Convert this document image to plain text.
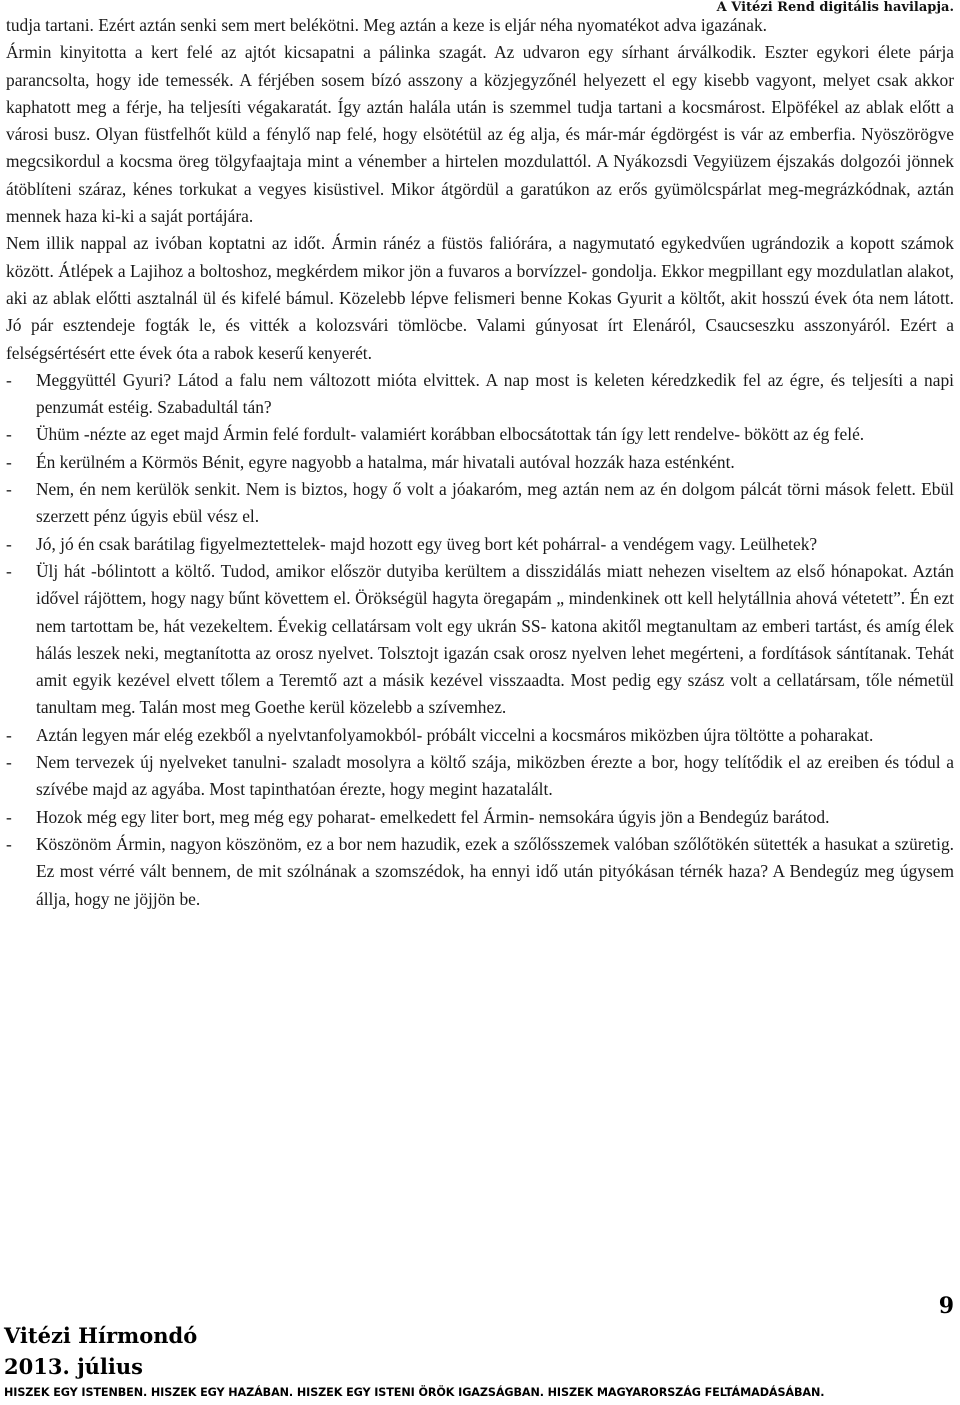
A Vitézi Rend digitális havilapja.

tudja tartani. Ezért aztán senki sem mert belékötni. Meg aztán a keze is eljár néha nyomatékot adva igazának.

Ármin kinyitotta a kert felé az ajtót kicsapatni a pálinka szagát. Az udvaron egy sírhant árválkodik. Eszter egykori élete párja parancsolta, hogy ide temessék. A férjében sosem bízó asszony a közjegyzőnél helyezett el egy kisebb vagyont, melyet csak akkor kaphatott meg a férje, ha teljesíti végakaratát. Így aztán halála után is szemmel tudja tartani a kocsmárost. Elpöfékel az ablak előtt a városi busz. Olyan füstfelhőt küld a fénylő nap felé, hogy elsötétül az ég alja, és már-már égdörgést is vár az emberfia. Nyöszörögve megcsikordul a kocsma öreg tölgyfaajtaja mint a vénember a hirtelen mozdulattól. A Nyákozsdi Vegyiüzem éjszakás dolgozói jönnek átöblíteni száraz, kénes torkukat a vegyes kisüstivel. Mikor átgördül a garatúkon az erős gyümölcspárlat meg-megrázkódnak, aztán mennek haza ki-ki a saját portájára.

Nem illik nappal az ivóban koptatni az időt. Ármin ránéz a füstös faliórára, a nagymutató egykedvűen ugrándozik a kopott számok között. Átlépek a Lajihoz a boltoshoz, megkérdem mikor jön a fuvaros a borvízzel- gondolja. Ekkor megpillant egy mozdulatlan alakot, aki az ablak előtti asztalnál ül és kifelé bámul. Közelebb lépve felismeri benne Kokas Gyurit a költőt, akit hosszú évek óta nem látott. Jó pár esztendeje fogták le, és vitték a kolozsvári tömlöcbe. Valami gúnyosat írt Elenáról, Csaucseszku asszonyáról. Ezért a felségsértésért ette évek óta a rabok keserű kenyerét.

-	Meggyüttél Gyuri? Látod a falu nem változott mióta elvittek. A nap most is keleten kéredzkedik fel az égre, és teljesíti a napi penzumát estéig. Szabadultál tán?
-	Ühüm -nézte az eget majd Ármin felé fordult- valamiért korábban elbocsátottak tán így lett rendelve- bökött az ég felé.
-	Én kerülném a Körmös Bénit, egyre nagyobb a hatalma, már hivatali autóval hozzák haza esténként.
-	Nem, én nem kerülök senkit. Nem is biztos, hogy ő volt a jóakaróm, meg aztán nem az én dolgom pálcát törni mások felett. Ebül szerzett pénz úgyis ebül vész el.
-	Jó, jó én csak barátilag figyelmeztettelek- majd hozott egy üveg bort két pohárral- a vendégem vagy. Leülhetek?
-	Ülj hát -bólintott a költő. Tudod, amikor először dutyiba kerültem a disszidálás miatt nehezen viseltem az első hónapokat. Aztán idővel rájöttem, hogy nagy bűnt követtem el. Örökségül hagyta öregapám „ mindenkinek ott kell helytállnia ahová vétetett”. Én ezt nem tartottam be, hát vezekeltem. Évekig cellatársam volt egy ukrán SS- katona akitől megtanultam az emberi tartást, és amíg élek hálás leszek neki, megtanította az orosz nyelvet. Tolsztojt igazán csak orosz nyelven lehet megérteni, a fordítások sántítanak. Tehát amit egyik kezével elvett tőlem a Teremtő azt a másik kezével visszaadta. Most pedig egy szász volt a cellatársam, tőle németül tanultam meg. Talán most meg Goethe kerül közelebb a szívemhez.
-	Aztán legyen már elég ezekből a nyelvtanfolyamokból- próbált viccelni a kocsmáros miközben újra töltötte a poharakat.
-	Nem tervezek új nyelveket tanulni- szaladt mosolyra a költő szája, miközben érezte a bor, hogy telítődik el az ereiben és tódul a szívébe majd az agyába. Most tapinthatóan érezte, hogy megint hazatalált.
-	Hozok még egy liter bort, meg még egy poharat- emelkedett fel Ármin- nemsokára úgyis jön a Bendegúz barátod.
-	Köszönöm Ármin, nagyon köszönöm, ez a bor nem hazudik, ezek a szőlősszemek valóban szőlőtökén sütették a hasukat a szüretig. Ez most vérré vált bennem, de mit szólnának a szomszédok, ha ennyi idő után pityókásan térnék haza? A Bendegúz meg úgysem állja, hogy ne jöjjön be.
9
Vitézi Hírmondó
2013. július
HISZEK EGY ISTENBEN. HISZEK EGY HAZÁBAN. HISZEK EGY ISTENI ÖRÖK IGAZSÁGBAN. HISZEK MAGYARORSZÁG FELTÁMADÁSÁBAN.
